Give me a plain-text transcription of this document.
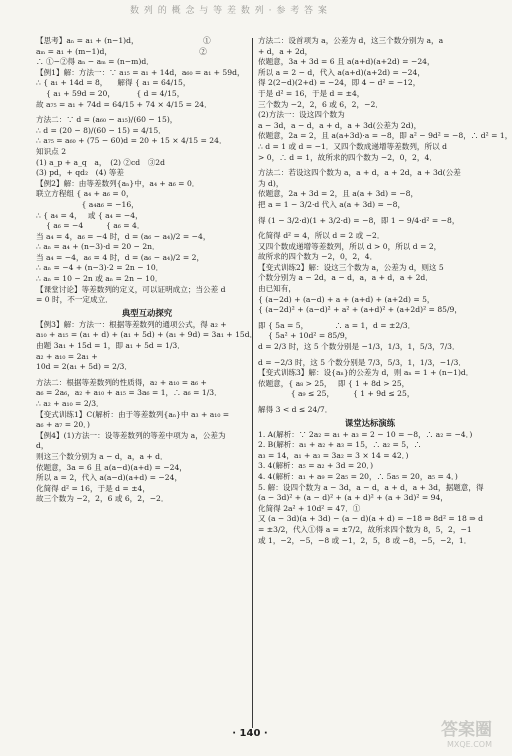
数 列 的 概 念 与 等 差 数 列 · 参 考 答 案
【思考】aₙ = a₁ + (n−1)d，　　　　　　　　　①
aₘ = a₁ + (m−1)d，　　　　　　　　　　　　②
∴ ①−②得 aₙ − aₘ = (n−m)d．
【例1】解：方法一：∵ a₁₅ = a₁ + 14d，a₆₀ = a₁ + 59d，
∴ { a₁ + 14d = 8， 　解得 { a₁ = 64/15，
　 { a₁ + 59d = 20，　　　 { d = 4/15，
故 a₇₅ = a₁ + 74d = 64/15 + 74 × 4/15 = 24．
方法二：∵ d = (a₆₀ − a₁₅)/(60 − 15)，
∴ d = (20 − 8)/(60 − 15) = 4/15．
∴ a₇₅ = a₆₀ + (75 − 60)d = 20 + 15 × 4/15 = 24．
知识点 2
(1) a_p + a_q　a，　(2) ②cd　③2d
(3) pd，+ qd₂　(4) 等差
【例2】解：由等差数列{aₙ}中，a₄ + a₆ = 0．
联立方程组 { a₄ + a₆ = 0，
　　　　　　{ a₄a₆ = −16，
∴ { a₄ = 4，　 或 { a₄ = −4，
　 { a₆ = −4　　　{ a₆ = 4．
当 a₄ = 4，a₆ = −4 时，d = (a₆ − a₄)/2 = −4，
∴ aₙ = a₄ + (n−3)·d = 20 − 2n．
当 a₄ = −4，a₆ = 4 时，d = (a₆ − a₄)/2 = 2，
∴ aₙ = −4 + (n−3)·2 = 2n − 10．
∴ aₙ = 10 − 2n 或 aₙ = 2n − 10．
【课堂讨论】等差数列的定义，可以证明成立；当公差 d
= 0 时，不一定成立．
典型互动探究
【例3】解：方法一：根据等差数列的通项公式，得 a₂ +
a₁₀ + a₁₅ = (a₁ + d) + (a₁ + 5d) + (a₁ + 9d) = 3a₁ + 15d．
由题 3a₁ + 15d = 1，即 a₁ + 5d = 1/3．
a₂ + a₁₀ = 2a₁ +
10d = 2(a₁ + 5d) = 2/3．
方法二：根据等差数列的性质得，a₂ + a₁₀ = a₆ +
a₆ = 2a₆，a₂ + a₁₀ + a₁₅ = 3a₆ = 1，∴ a₆ = 1/3．
∴ a₂ + a₁₀ = 2/3．
【变式训练1】C(解析：由于等差数列{aₙ}中 a₃ + a₁₀ =
a₆ + a₇ = 20．)
【例4】(1)方法一：设等差数列的等差中项为 a，公差为
d，
则这三个数分别为 a − d，a，a + d．
依题意，3a = 6 且 a(a−d)(a+d) = −24，
所以 a = 2，代入 a(a−d)(a+d) = −24，
化简得 d² = 16，于是 d = ±4，
故三个数为 −2，2，6 或 6，2，−2．
方法二：设首项为 a，公差为 d，这三个数分别为 a，a
+ d，a + 2d，
依题意，3a + 3d = 6 且 a(a+d)(a+2d) = −24，
所以 a = 2 − d，代入 a(a+d)(a+2d) = −24，
得 2(2−d)(2+d) = −24，即 4 − d² = −12，
于是 d² = 16，于是 d = ±4，
三个数为 −2，2，6 或 6，2，−2．
(2)方法一：设这四个数为
a − 3d，a − d，a + d，a + 3d(公差为 2d)，
依题意，2a = 2，且 a(a+3d)·a = −8，即 a² − 9d² = −8，∴ d² = 1，
∴ d = 1 或 d = −1．又四个数成递增等差数列，所以 d
> 0，∴ d = 1，故所求的四个数为 −2，0，2，4．
方法二：若设这四个数为 a，a + d，a + 2d，a + 3d(公差
为 d)，
依题意，2a + 3d = 2，且 a(a + 3d) = −8，
把 a = 1 − 3/2·d 代入 a(a + 3d) = −8，
得 (1 − 3/2·d)(1 + 3/2·d) = −8，即 1 − 9/4·d² = −8，
化简得 d² = 4，所以 d = 2 或 −2．
又四个数成递增等差数列，所以 d > 0，所以 d = 2，
故所求的四个数为 −2，0，2，4．
【变式训练2】解：设这三个数为 a，公差为 d，则这 5
个数分别为 a − 2d，a − d，a，a + d，a + 2d．
由已知有，
{ (a−2d) + (a−d) + a + (a+d) + (a+2d) = 5，
{ (a−2d)² + (a−d)² + a² + (a+d)² + (a+2d)² = 85/9，
即 { 5a = 5，　　　　∴ a = 1，d = ±2/3．
　 { 5a² + 10d² = 85/9，
d = 2/3 时，这 5 个数分别是 −1/3，1/3，1，5/3，7/3．
d = −2/3 时，这 5 个数分别是 7/3，5/3，1，1/3，−1/3．
【变式训练3】解：设{aₙ}的公差为 d，则 aₙ = 1 + (n−1)d．
依题意，{ a₈ > 25，　 即 { 1 + 8d > 25，
　　　　 { a₉ ≤ 25，　　　{ 1 + 9d ≤ 25，
解得 3 < d ≤ 24/7．
课堂达标演练
1. A(解析：∵ 2a₂ = a₁ + a₃ = 2 − 10 = −8，∴ a₂ = −4．)
2. B(解析：a₁ + a₂ + a₃ = 15，∴ a₂ = 5，∴
a₃ = 14，a₁ + a₃ = 3a₂ = 3 × 14 = 42．)
3. 4(解析：a₅ = a₂ + 3d = 20．)
4. 4(解析：a₁ + a₉ = 2a₅ = 20，∴ 5a₅ = 20，a₅ = 4．)
5. 解：设四个数为 a − 3d，a − d，a + d，a + 3d，据题意，得
(a − 3d)² + (a − d)² + (a + d)² + (a + 3d)² = 94，
化简得 2a² + 10d² = 47．①
又 (a − 3d)(a + 3d) − (a − d)(a + d) = −18 ⇒ 8d² = 18 ⇒ d
= ±3/2，代入①得 a = ±7/2，故所求四个数为 8，5，2，−1
或 1，−2，−5，−8 或 −1，2，5，8 或 −8，−5，−2，1．
· 140 ·	答案圈
MXQE.COM
